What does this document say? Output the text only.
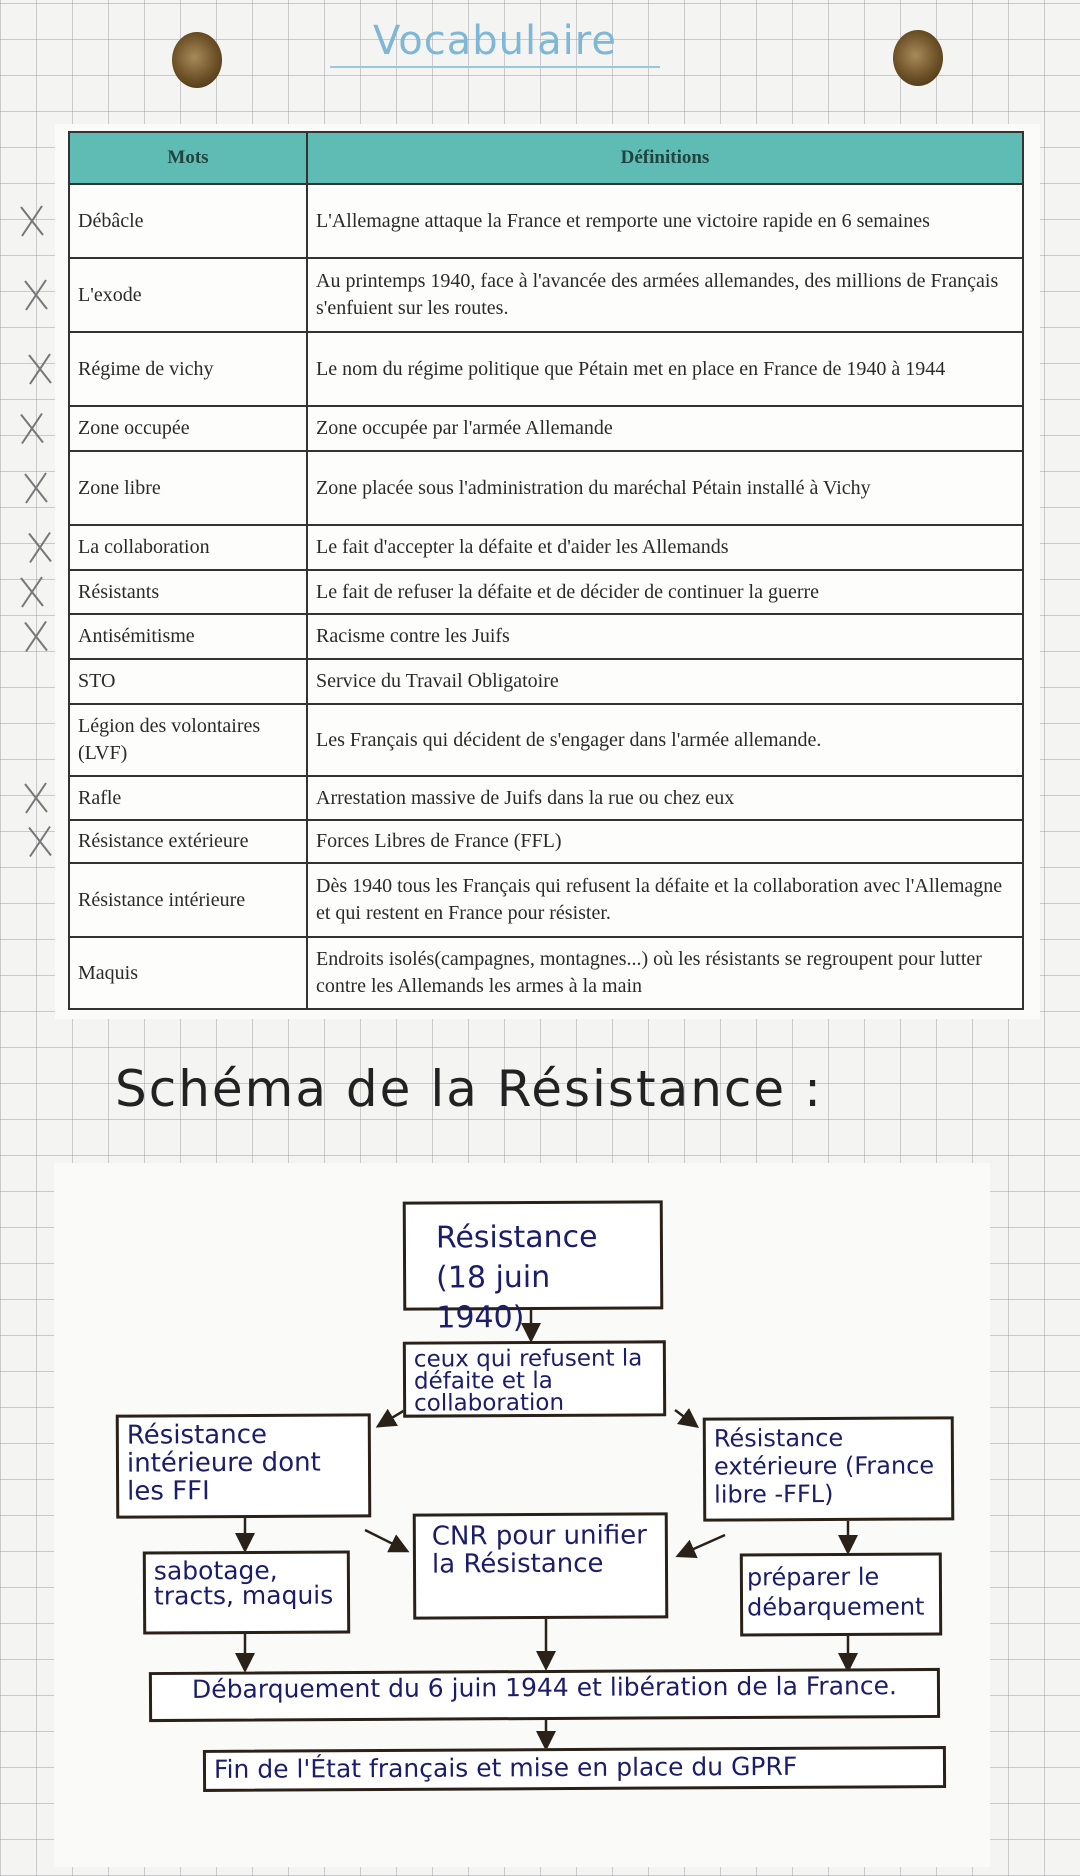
Vocabulaire
Mots	Définitions
Débâcle	L'Allemagne attaque la France et remporte une victoire rapide en 6 semaines
L'exode	Au printemps 1940, face à l'avancée des armées allemandes, des millions de Français s'enfuient sur les routes.
Régime de vichy	Le nom du régime politique que Pétain met en place en France de 1940 à 1944
Zone occupée	Zone occupée par l'armée Allemande
Zone libre	Zone placée sous l'administration du maréchal Pétain installé à Vichy
La collaboration	Le fait d'accepter la défaite et d'aider les Allemands
Résistants	Le fait de refuser la défaite et de décider de continuer la guerre
Antisémitisme	Racisme contre les Juifs
STO	Service du Travail Obligatoire
Légion des volontaires (LVF)	Les Français qui décident de s'engager dans l'armée allemande.
Rafle	Arrestation massive de Juifs dans la rue ou chez eux
Résistance extérieure	Forces Libres de France (FFL)
Résistance intérieure	Dès 1940 tous les Français qui refusent la défaite et la collaboration avec l'Allemagne et qui restent en France pour résister.
Maquis	Endroits isolés(campagnes, montagnes...) où les résistants se regroupent pour lutter contre les Allemands les armes à la main
Schéma de la Résistance :
Résistance (18 juin 1940)
ceux qui refusent la défaite et la collaboration
Résistance intérieure dont les FFI
Résistance extérieure (France libre -FFL)
CNR pour unifier la Résistance
sabotage, tracts, maquis
préparer le débarquement
Débarquement du 6 juin 1944 et libération de la France.
Fin de l'État français et mise en place du GPRF
